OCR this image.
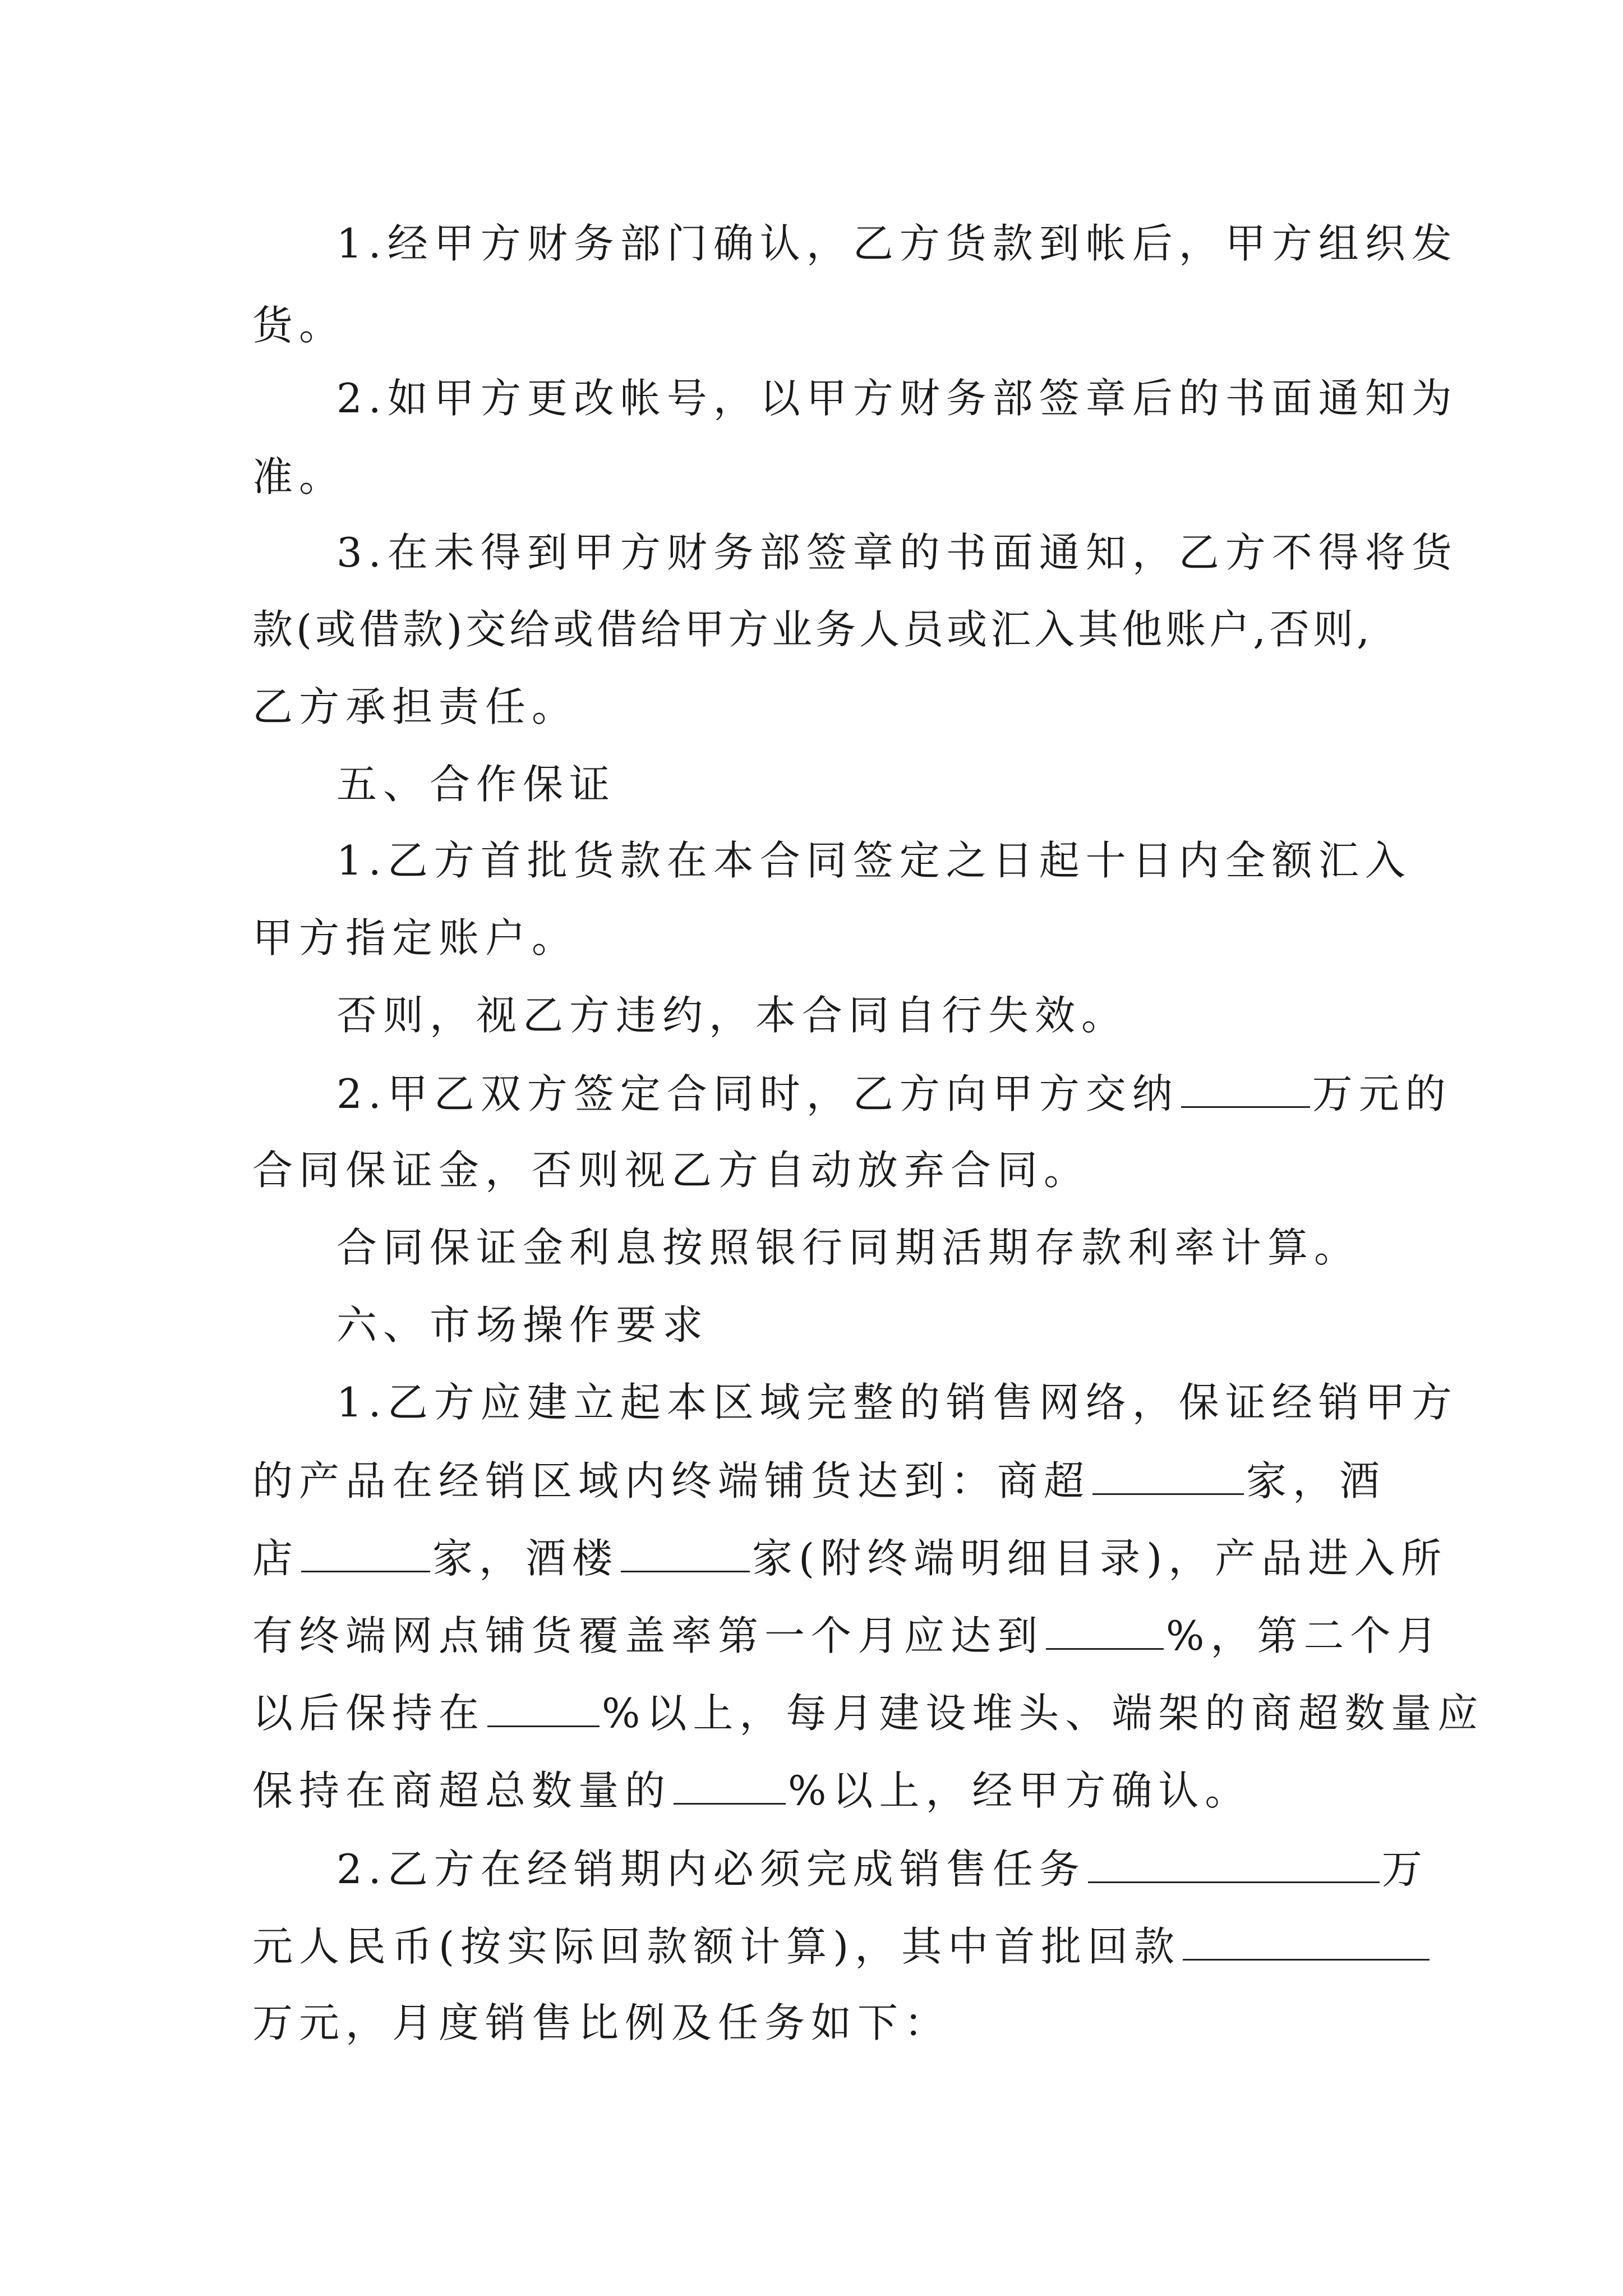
1.经甲方财务部门确认，乙方货款到帐后，甲方组织发
货。
2.如甲方更改帐号，以甲方财务部签章后的书面通知为
准。
3.在未得到甲方财务部签章的书面通知，乙方不得将货
款(或借款)交给或借给甲方业务人员或汇入其他账户,否则,
乙方承担责任。
五、合作保证
1.乙方首批货款在本合同签定之日起十日内全额汇入
甲方指定账户。
否则，视乙方违约，本合同自行失效。
2.甲乙双方签定合同时，乙方向甲方交纳	万元的
合同保证金，否则视乙方自动放弃合同。
合同保证金利息按照银行同期活期存款利率计算。
六、市场操作要求
1.乙方应建立起本区域完整的销售网络，保证经销甲方
的产品在经销区域内终端铺货达到：商超	家，酒
店	家，酒楼	家(附终端明细目录)，产品进入所
有终端网点铺货覆盖率第一个月应达到	%，第二个月
以后保持在	%以上，每月建设堆头、端架的商超数量应
保持在商超总数量的	%以上，经甲方确认。
2.乙方在经销期内必须完成销售任务	万
元人民币(按实际回款额计算)，其中首批回款
万元，月度销售比例及任务如下：
